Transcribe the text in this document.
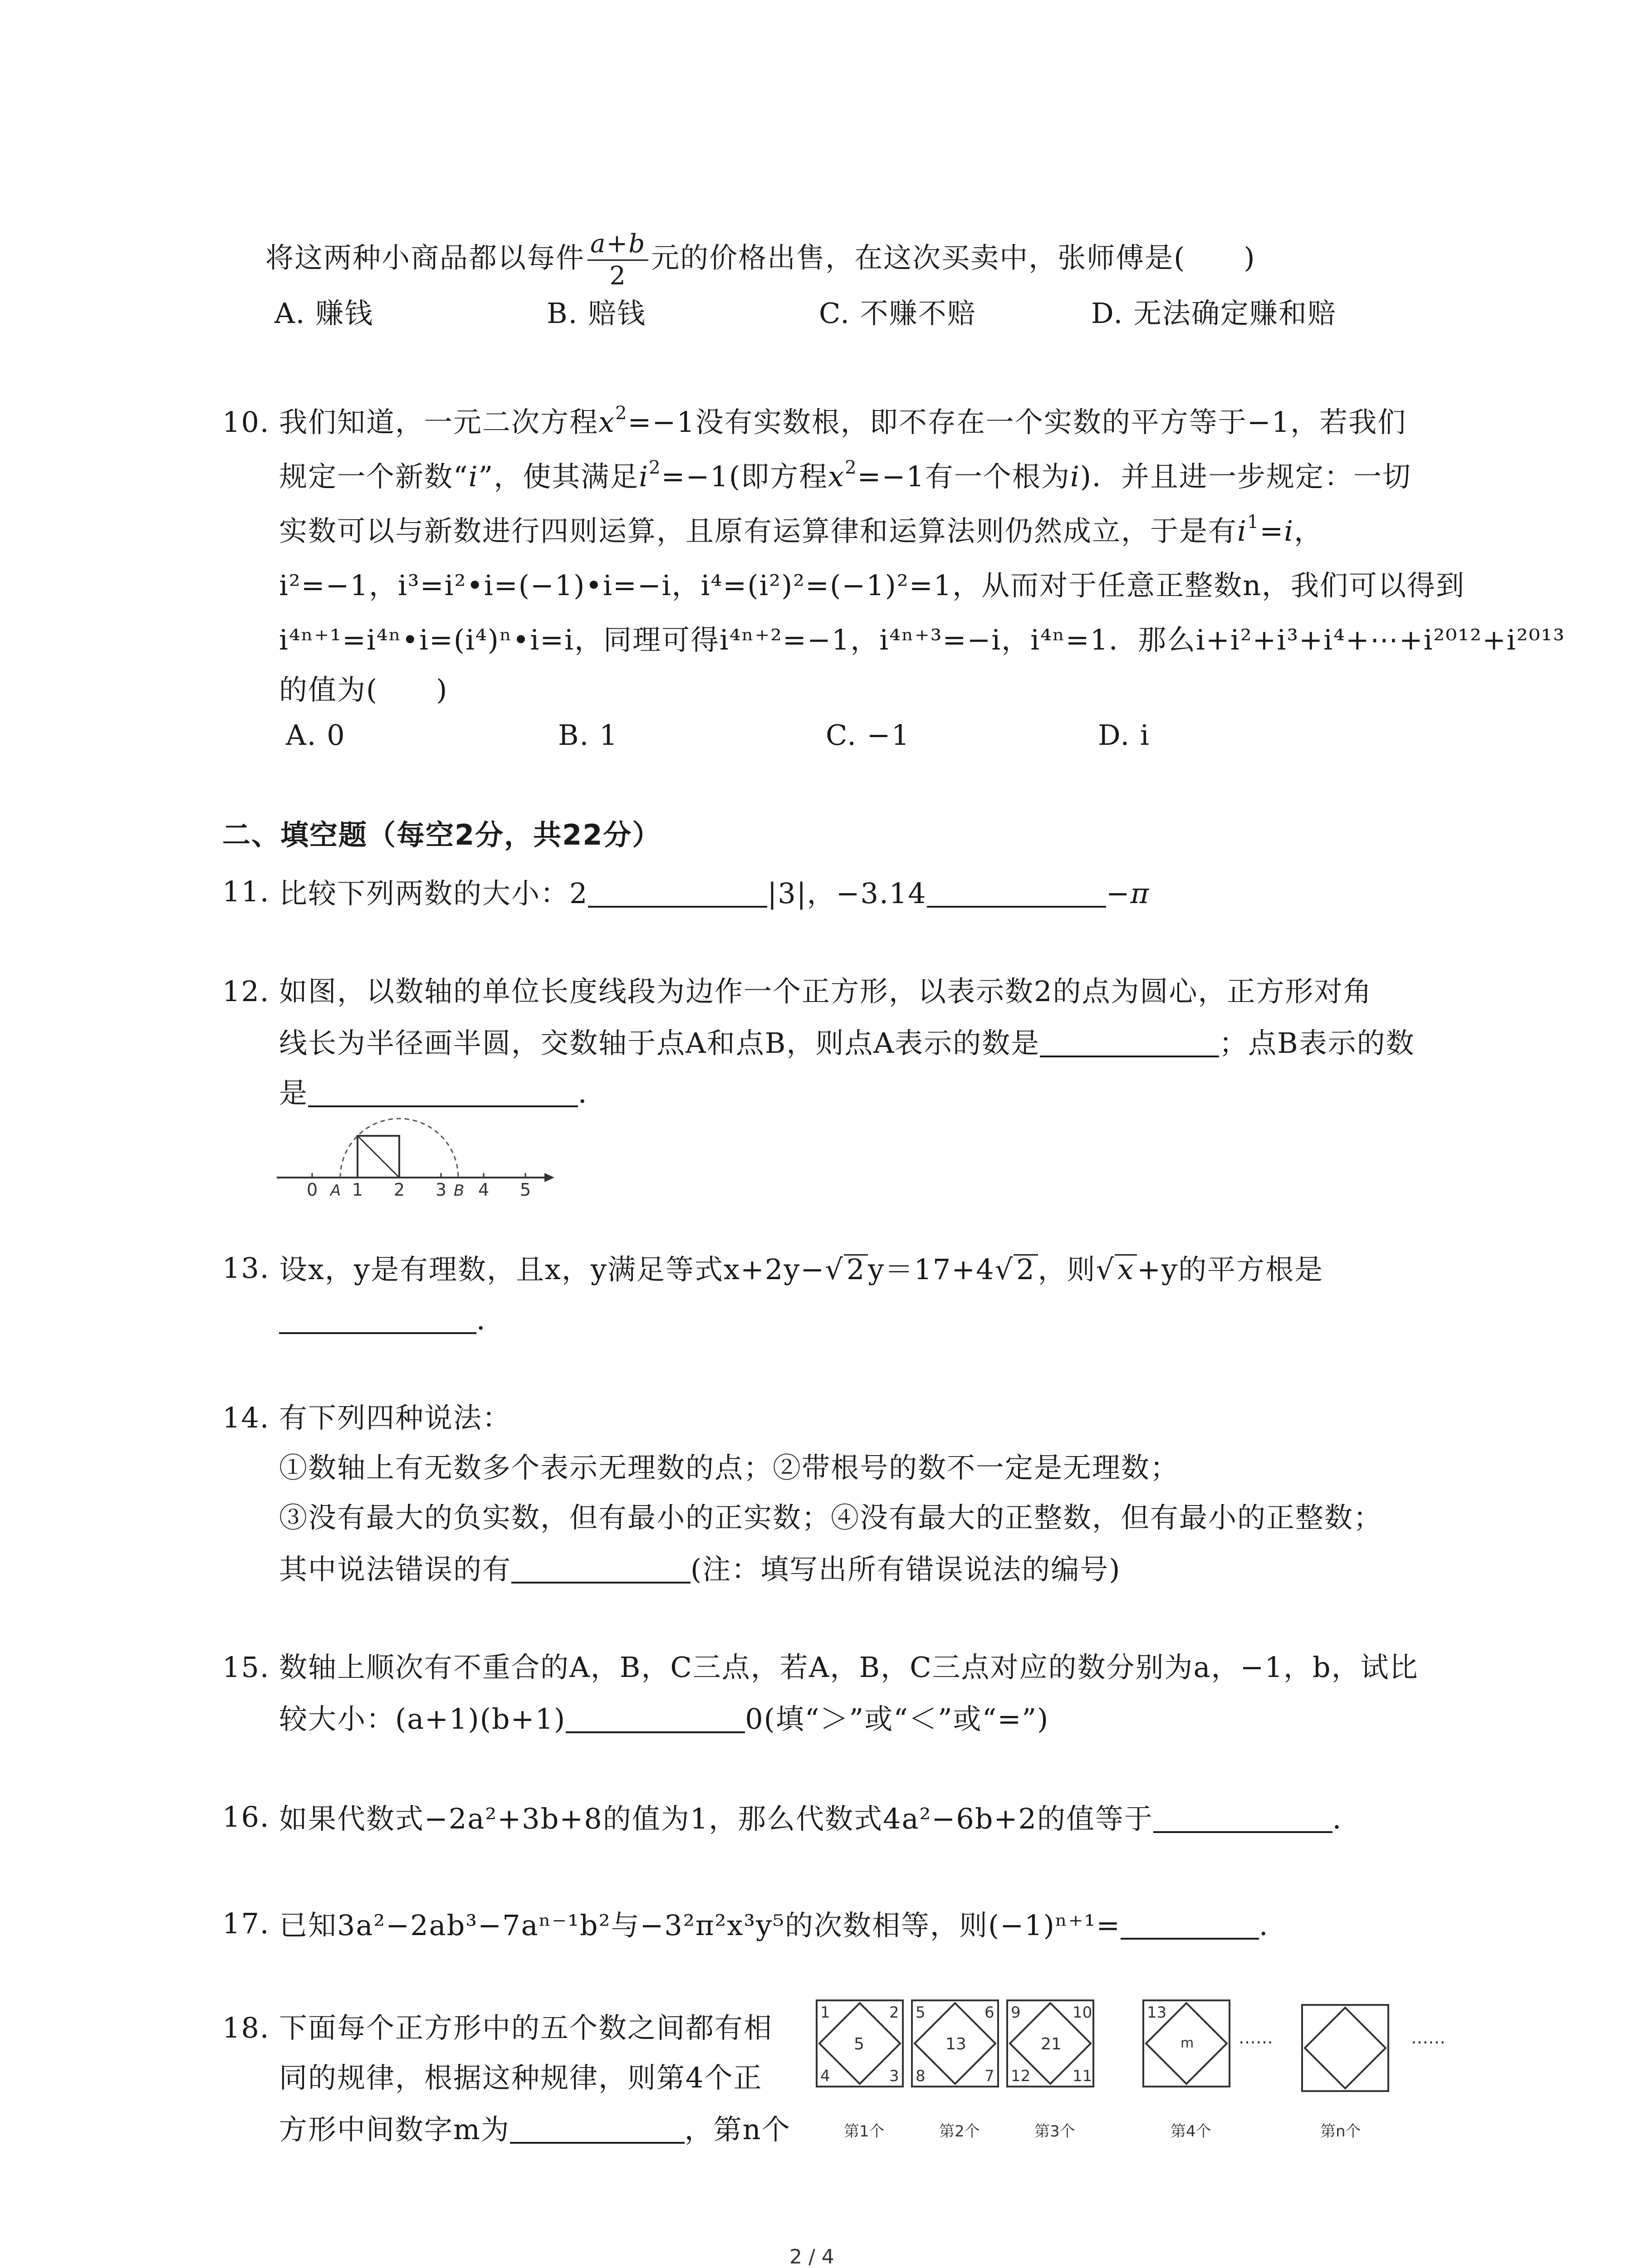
将这两种小商品都以每件 $\frac{a+b}{2}$ 元的价格出售，在这次买卖中，张师傅是(　　)
A. 赚钱	B. 赔钱	C. 不赚不赔	D. 无法确定赚和赔
10. 我们知道，一元二次方程$x^2=-1$没有实数根，即不存在一个实数的平方等于−1，若我们
规定一个新数“i”，使其满足$i^2=-1$(即方程$x^2=-1$有一个根为i)．并且进一步规定：一切
实数可以与新数进行四则运算，且原有运算律和运算法则仍然成立，于是有$i^1=i$，
i²=−1，i³=i²•i=(−1)•i=−i，i⁴=(i²)²=(−1)²=1，从而对于任意正整数n，我们可以得到
i⁴ⁿ⁺¹=i⁴ⁿ•i=(i⁴)ⁿ•i=i，同理可得i⁴ⁿ⁺²=−1，i⁴ⁿ⁺³=−i，i⁴ⁿ=1．那么i+i²+i³+i⁴+⋯+i²⁰¹²+i²⁰¹³
的值为(　　)
A. 0	B. 1	C. −1	D. i
二、填空题（每空2分，共22分）
11. 比较下列两数的大小：2	|3|，−3.14	−π
12. 如图，以数轴的单位长度线段为边作一个正方形，以表示数2的点为圆心，正方形对角
线长为半径画半圆，交数轴于点A和点B，则点A表示的数是	；点B表示的数
是	．
0 A 1 2 3 B 4 5
13. 设x，y是有理数，且x，y满足等式x+2y−√2y＝17+4√2，则√x+y的平方根是
．
14. 有下列四种说法：
①数轴上有无数多个表示无理数的点；②带根号的数不一定是无理数；
③没有最大的负实数，但有最小的正实数；④没有最大的正整数，但有最小的正整数；
其中说法错误的有	(注：填写出所有错误说法的编号)
15. 数轴上顺次有不重合的A，B，C三点，若A，B，C三点对应的数分别为a，−1，b，试比
较大小：(a+1)(b+1)	0(填“＞”或“＜”或“=”)
16. 如果代数式−2a²+3b+8的值为1，那么代数式4a²−6b+2的值等于	．
17. 已知3a²−2ab³−7aⁿ⁻¹b²与−3²π²x³y⁵的次数相等，则(−1)ⁿ⁺¹=	．
18. 下面每个正方形中的五个数之间都有相
同的规律，根据这种规律，则第4个正
方形中间数字m为	，第n个
1	2
5
4	3
第1个
5	6
13
8	7
第2个
9	10
21
12	11
第3个
13
m
第4个
……
第n个
……
2 / 4
